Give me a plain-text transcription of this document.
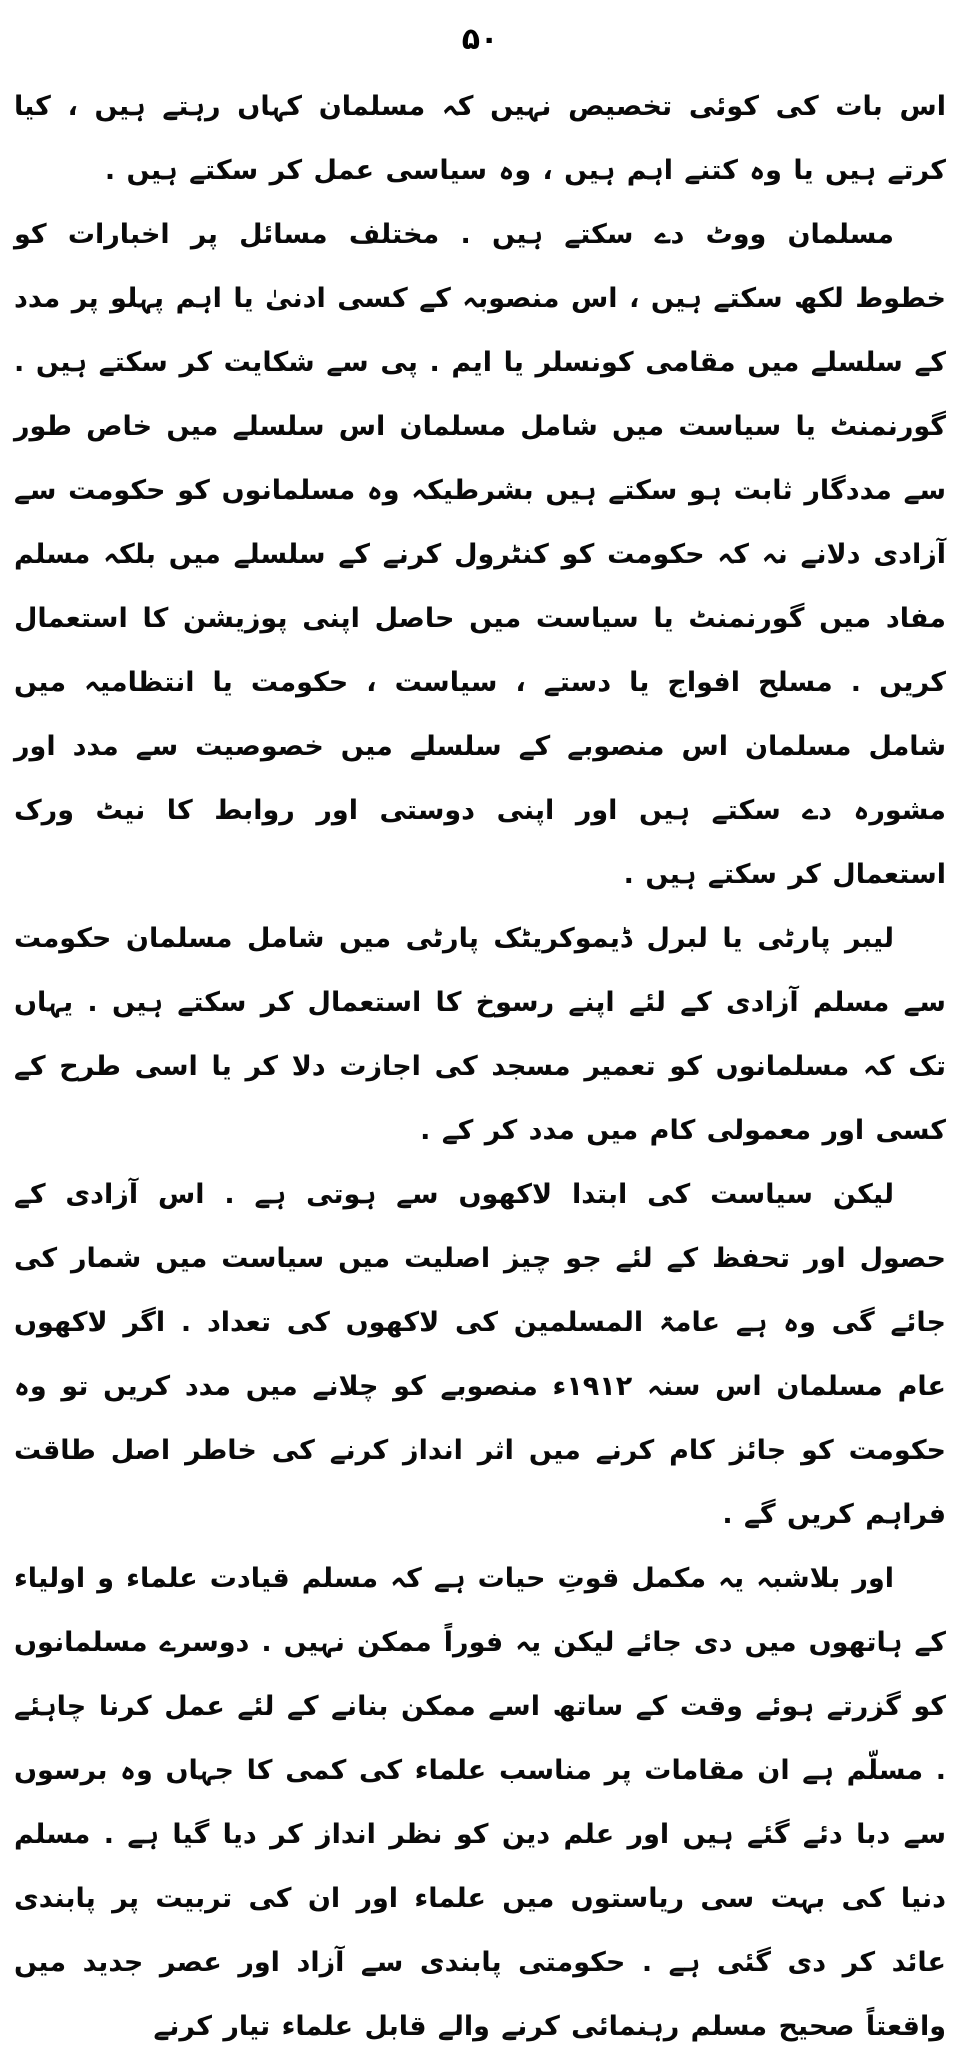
۵۰

اس بات کی کوئی تخصیص نہیں کہ مسلمان کہاں رہتے ہیں ، کیا کرتے ہیں یا وہ کتنے اہم ہیں ، وہ سیاسی عمل کر سکتے ہیں .

مسلمان ووٹ دے سکتے ہیں . مختلف مسائل پر اخبارات کو خطوط لکھ سکتے ہیں ، اس منصوبہ کے کسی ادنیٰ یا اہم پہلو پر مدد کے سلسلے میں مقامی کونسلر یا ایم . پی سے شکایت کر سکتے ہیں . گورنمنٹ یا سیاست میں شامل مسلمان اس سلسلے میں خاص طور سے مددگار ثابت ہو سکتے ہیں بشرطیکہ وہ مسلمانوں کو حکومت سے آزادی دلانے نہ کہ حکومت کو کنٹرول کرنے کے سلسلے میں بلکہ مسلم مفاد میں گورنمنٹ یا سیاست میں حاصل اپنی پوزیشن کا استعمال کریں . مسلح افواج یا دستے ، سیاست ، حکومت یا انتظامیہ میں شامل مسلمان اس منصوبے کے سلسلے میں خصوصیت سے مدد اور مشورہ دے سکتے ہیں اور اپنی دوستی اور روابط کا نیٹ ورک استعمال کر سکتے ہیں .

لیبر پارٹی یا لبرل ڈیموکریٹک پارٹی میں شامل مسلمان حکومت سے مسلم آزادی کے لئے اپنے رسوخ کا استعمال کر سکتے ہیں . یہاں تک کہ مسلمانوں کو تعمیر مسجد کی اجازت دلا کر یا اسی طرح کے کسی اور معمولی کام میں مدد کر کے .

لیکن سیاست کی ابتدا لاکھوں سے ہوتی ہے . اس آزادی کے حصول اور تحفظ کے لئے جو چیز اصلیت میں سیاست میں شمار کی جائے گی وہ ہے عامۃ المسلمین کی لاکھوں کی تعداد . اگر لاکھوں عام مسلمان اس سنہ ۱۹۱۲ء منصوبے کو چلانے میں مدد کریں تو وہ حکومت کو جائز کام کرنے میں اثر انداز کرنے کی خاطر اصل طاقت فراہم کریں گے .

اور بلاشبہ یہ مکمل قوتِ حیات ہے کہ مسلم قیادت علماء و اولیاء کے ہاتھوں میں دی جائے لیکن یہ فوراً ممکن نہیں . دوسرے مسلمانوں کو گزرتے ہوئے وقت کے ساتھ اسے ممکن بنانے کے لئے عمل کرنا چاہئے . مسلّم ہے ان مقامات پر مناسب علماء کی کمی کا جہاں وہ برسوں سے دبا دئے گئے ہیں اور علم دین کو نظر انداز کر دیا گیا ہے . مسلم دنیا کی بہت سی ریاستوں میں علماء اور ان کی تربیت پر پابندی عائد کر دی گئی ہے . حکومتی پابندی سے آزاد اور عصر جدید میں واقعتاً صحیح مسلم رہنمائی کرنے والے قابل علماء تیار کرنے
